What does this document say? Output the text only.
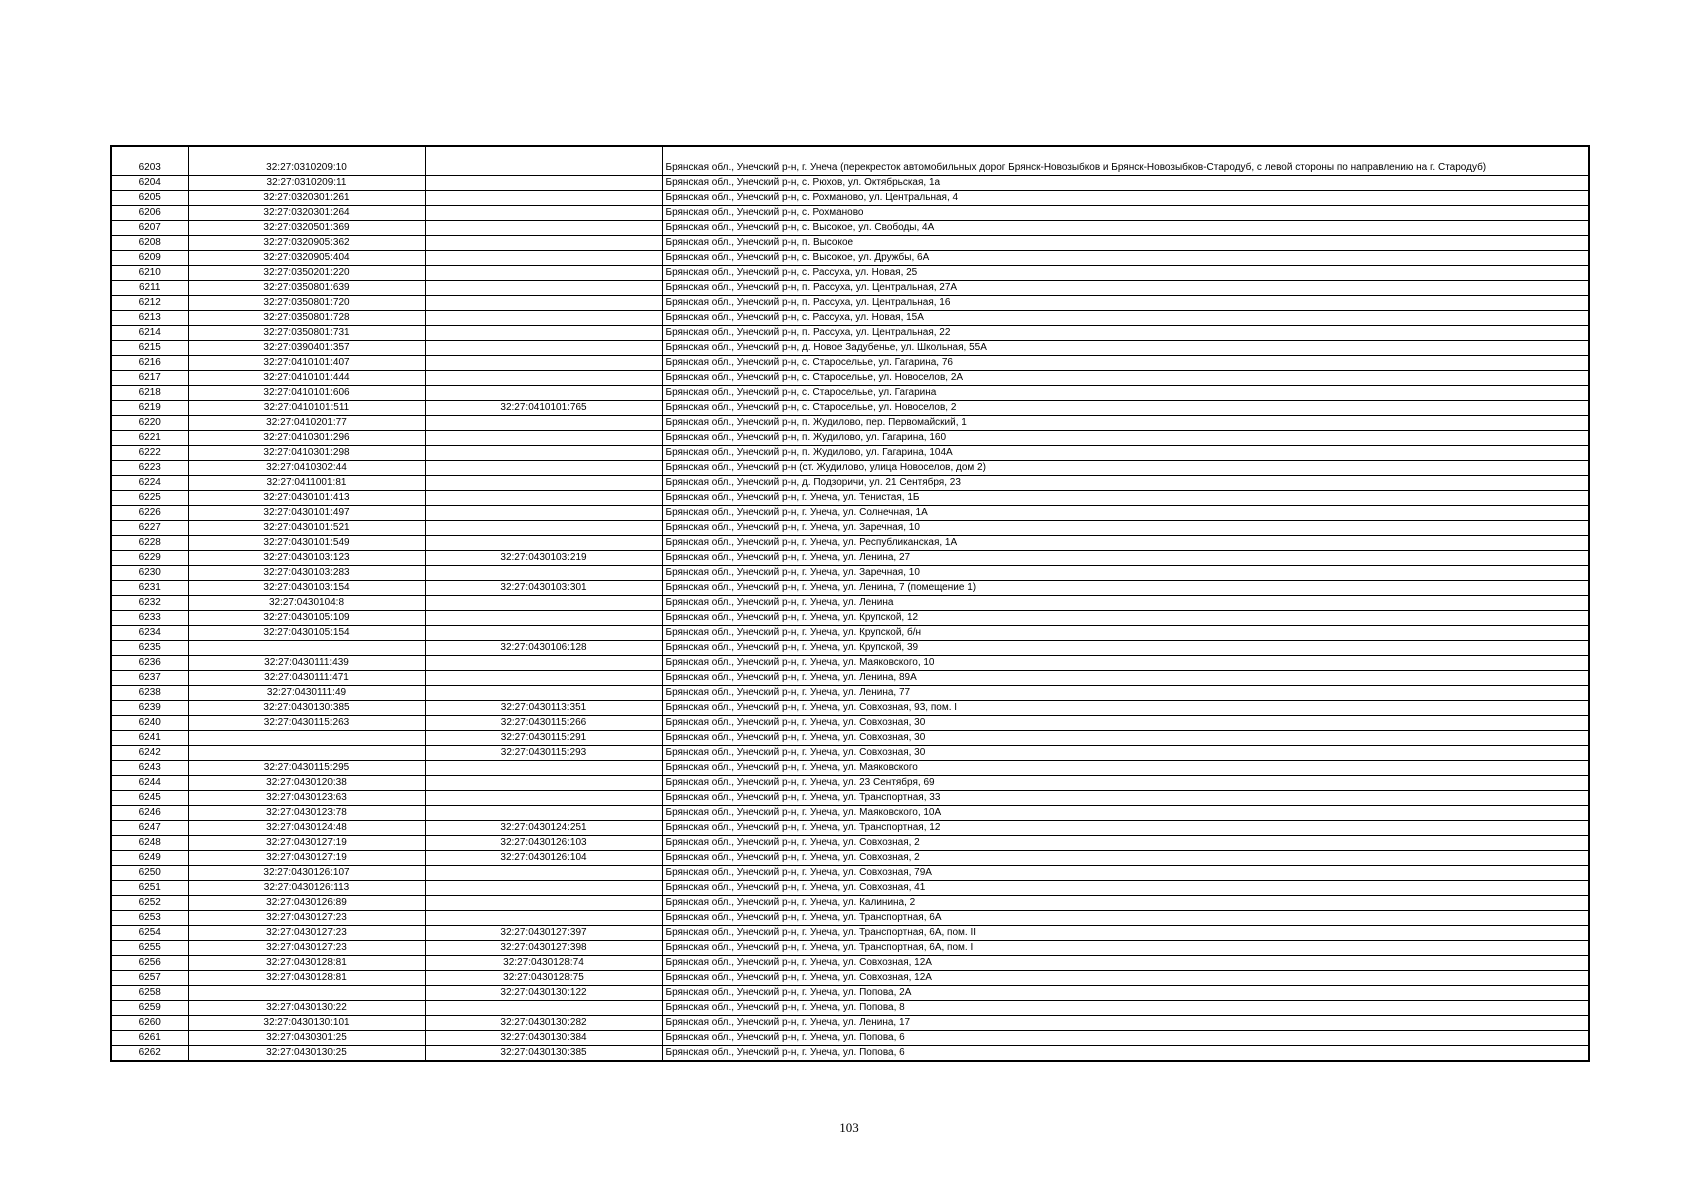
6203	32:27:0310209:10		Брянская обл., Унечский р-н, г. Унеча (перекресток автомобильных дорог Брянск-Новозыбков и Брянск-Новозыбков-Стародуб, с левой стороны по направлению на г. Стародуб)
6204	32:27:0310209:11		Брянская обл., Унечский р-н, с. Рюхов, ул. Октябрьская, 1а
6205	32:27:0320301:261		Брянская обл., Унечский р-н, с. Рохманово, ул. Центральная, 4
6206	32:27:0320301:264		Брянская обл., Унечский р-н, с. Рохманово
6207	32:27:0320501:369		Брянская обл., Унечский р-н, с. Высокое, ул. Свободы, 4А
6208	32:27:0320905:362		Брянская обл., Унечский р-н, п. Высокое
6209	32:27:0320905:404		Брянская обл., Унечский р-н, с. Высокое, ул. Дружбы, 6А
6210	32:27:0350201:220		Брянская обл., Унечский р-н, с. Рассуха, ул. Новая, 25
6211	32:27:0350801:639		Брянская обл., Унечский р-н, п. Рассуха, ул. Центральная, 27А
6212	32:27:0350801:720		Брянская обл., Унечский р-н, п. Рассуха, ул. Центральная, 16
6213	32:27:0350801:728		Брянская обл., Унечский р-н, с. Рассуха, ул. Новая, 15А
6214	32:27:0350801:731		Брянская обл., Унечский р-н, п. Рассуха, ул. Центральная, 22
6215	32:27:0390401:357		Брянская обл., Унечский р-н, д. Новое Задубенье, ул. Школьная, 55А
6216	32:27:0410101:407		Брянская обл., Унечский р-н, с. Старосельье, ул. Гагарина, 76
6217	32:27:0410101:444		Брянская обл., Унечский р-н, с. Старосельье, ул. Новоселов, 2А
6218	32:27:0410101:606		Брянская обл., Унечский р-н, с. Старосельье, ул. Гагарина
6219	32:27:0410101:511	32:27:0410101:765	Брянская обл., Унечский р-н, с. Старосельье, ул. Новоселов, 2
6220	32:27:0410201:77		Брянская обл., Унечский р-н, п. Жудилово, пер. Первомайский, 1
6221	32:27:0410301:296		Брянская обл., Унечский р-н, п. Жудилово, ул. Гагарина, 160
6222	32:27:0410301:298		Брянская обл., Унечский р-н, п. Жудилово, ул. Гагарина, 104А
6223	32:27:0410302:44		Брянская обл., Унечский р-н (ст. Жудилово, улица Новоселов, дом 2)
6224	32:27:0411001:81		Брянская обл., Унечский р-н, д. Подзоричи, ул. 21 Сентября, 23
6225	32:27:0430101:413		Брянская обл., Унечский р-н, г. Унеча, ул. Тенистая, 1Б
6226	32:27:0430101:497		Брянская обл., Унечский р-н, г. Унеча, ул. Солнечная, 1А
6227	32:27:0430101:521		Брянская обл., Унечский р-н, г. Унеча, ул. Заречная, 10
6228	32:27:0430101:549		Брянская обл., Унечский р-н, г. Унеча, ул. Республиканская, 1А
6229	32:27:0430103:123	32:27:0430103:219	Брянская обл., Унечский р-н, г. Унеча, ул. Ленина, 27
6230	32:27:0430103:283		Брянская обл., Унечский р-н, г. Унеча, ул. Заречная, 10
6231	32:27:0430103:154	32:27:0430103:301	Брянская обл., Унечский р-н, г. Унеча, ул. Ленина, 7 (помещение 1)
6232	32:27:0430104:8		Брянская обл., Унечский р-н, г. Унеча, ул. Ленина
6233	32:27:0430105:109		Брянская обл., Унечский р-н, г. Унеча, ул. Крупской, 12
6234	32:27:0430105:154		Брянская обл., Унечский р-н, г. Унеча, ул. Крупской, б/н
6235		32:27:0430106:128	Брянская обл., Унечский р-н, г. Унеча, ул. Крупской, 39
6236	32:27:0430111:439		Брянская обл., Унечский р-н, г. Унеча, ул. Маяковского, 10
6237	32:27:0430111:471		Брянская обл., Унечский р-н, г. Унеча, ул. Ленина, 89А
6238	32:27:0430111:49		Брянская обл., Унечский р-н, г. Унеча, ул. Ленина, 77
6239	32:27:0430130:385	32:27:0430113:351	Брянская обл., Унечский р-н, г. Унеча, ул. Совхозная, 93, пом. I
6240	32:27:0430115:263	32:27:0430115:266	Брянская обл., Унечский р-н, г. Унеча, ул. Совхозная, 30
6241		32:27:0430115:291	Брянская обл., Унечский р-н, г. Унеча, ул. Совхозная, 30
6242		32:27:0430115:293	Брянская обл., Унечский р-н, г. Унеча, ул. Совхозная, 30
6243	32:27:0430115:295		Брянская обл., Унечский р-н, г. Унеча, ул. Маяковского
6244	32:27:0430120:38		Брянская обл., Унечский р-н, г. Унеча, ул. 23 Сентября, 69
6245	32:27:0430123:63		Брянская обл., Унечский р-н, г. Унеча, ул. Транспортная, 33
6246	32:27:0430123:78		Брянская обл., Унечский р-н, г. Унеча, ул. Маяковского, 10А
6247	32:27:0430124:48	32:27:0430124:251	Брянская обл., Унечский р-н, г. Унеча, ул. Транспортная, 12
6248	32:27:0430127:19	32:27:0430126:103	Брянская обл., Унечский р-н, г. Унеча, ул. Совхозная, 2
6249	32:27:0430127:19	32:27:0430126:104	Брянская обл., Унечский р-н, г. Унеча, ул. Совхозная, 2
6250	32:27:0430126:107		Брянская обл., Унечский р-н, г. Унеча, ул. Совхозная, 79А
6251	32:27:0430126:113		Брянская обл., Унечский р-н, г. Унеча, ул. Совхозная, 41
6252	32:27:0430126:89		Брянская обл., Унечский р-н, г. Унеча, ул. Калинина, 2
6253	32:27:0430127:23		Брянская обл., Унечский р-н, г. Унеча, ул. Транспортная, 6А
6254	32:27:0430127:23	32:27:0430127:397	Брянская обл., Унечский р-н, г. Унеча, ул. Транспортная, 6А, пом. II
6255	32:27:0430127:23	32:27:0430127:398	Брянская обл., Унечский р-н, г. Унеча, ул. Транспортная, 6А, пом. I
6256	32:27:0430128:81	32:27:0430128:74	Брянская обл., Унечский р-н, г. Унеча, ул. Совхозная, 12А
6257	32:27:0430128:81	32:27:0430128:75	Брянская обл., Унечский р-н, г. Унеча, ул. Совхозная, 12А
6258		32:27:0430130:122	Брянская обл., Унечский р-н, г. Унеча, ул. Попова, 2А
6259	32:27:0430130:22		Брянская обл., Унечский р-н, г. Унеча, ул. Попова, 8
6260	32:27:0430130:101	32:27:0430130:282	Брянская обл., Унечский р-н, г. Унеча, ул. Ленина, 17
6261	32:27:0430301:25	32:27:0430130:384	Брянская обл., Унечский р-н, г. Унеча, ул. Попова, 6
6262	32:27:0430130:25	32:27:0430130:385	Брянская обл., Унечский р-н, г. Унеча, ул. Попова, 6
103
